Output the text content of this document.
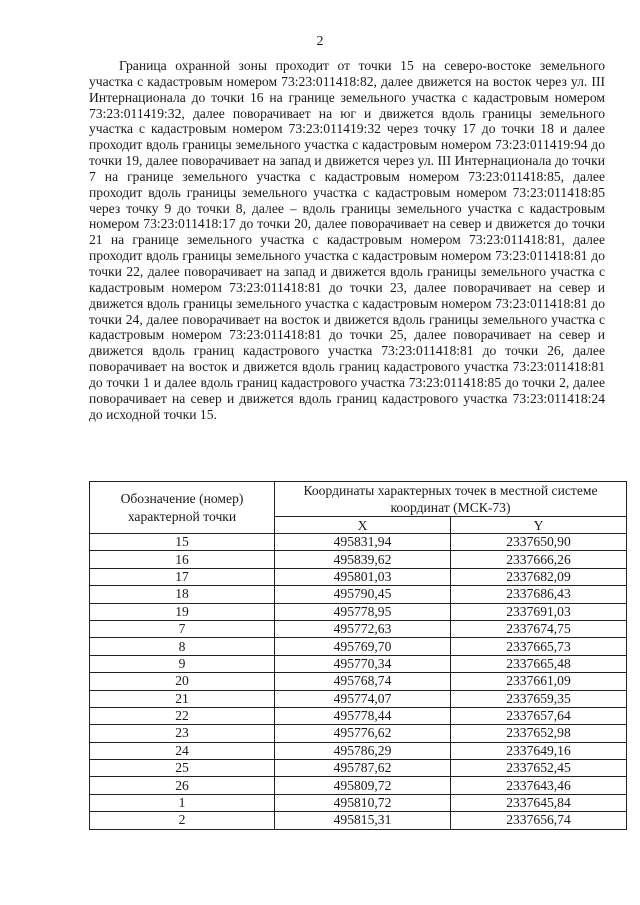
2

Граница охранной зоны проходит от точки 15 на северо-востоке земельного участка с кадастровым номером 73:23:011418:82, далее движется на восток через ул. III Интернационала до точки 16 на границе земельного участка с кадастровым номером 73:23:011419:32, далее поворачивает на юг и движется вдоль границы земельного участка с кадастровым номером 73:23:011419:32 через точку 17 до точки 18 и далее проходит вдоль границы земельного участка с кадастровым номером 73:23:011419:94 до точки 19, далее поворачивает на запад и движется через ул. III Интернационала до точки 7 на границе земельного участка с кадастровым номером 73:23:011418:85, далее проходит вдоль границы земельного участка с кадастровым номером 73:23:011418:85 через точку 9 до точки 8, далее – вдоль границы земельного участка с кадастровым номером 73:23:011418:17 до точки 20, далее поворачивает на север и движется до точки 21 на границе земельного участка с кадастровым номером 73:23:011418:81, далее проходит вдоль границы земельного участка с кадастровым номером 73:23:011418:81 до точки 22, далее поворачивает на запад и движется вдоль границы земельного участка с кадастровым номером 73:23:011418:81 до точки 23, далее поворачивает на север и движется вдоль границы земельного участка с кадастровым номером 73:23:011418:81 до точки 24, далее поворачивает на восток и движется вдоль границы земельного участка с кадастровым номером 73:23:011418:81 до точки 25, далее поворачивает на север и движется вдоль границ кадастрового участка 73:23:011418:81 до точки 26, далее поворачивает на восток и движется вдоль границ кадастрового участка 73:23:011418:81 до точки 1 и далее вдоль границ кадастрового участка 73:23:011418:85 до точки 2, далее поворачивает на север и движется вдоль границ кадастрового участка 73:23:011418:24 до исходной точки 15.

Обозначение (номер) характерной точки	Координаты характерных точек в местной системе координат (МСК-73)	
	X	Y
15	495831,94	2337650,90
16	495839,62	2337666,26
17	495801,03	2337682,09
18	495790,45	2337686,43
19	495778,95	2337691,03
7	495772,63	2337674,75
8	495769,70	2337665,73
9	495770,34	2337665,48
20	495768,74	2337661,09
21	495774,07	2337659,35
22	495778,44	2337657,64
23	495776,62	2337652,98
24	495786,29	2337649,16
25	495787,62	2337652,45
26	495809,72	2337643,46
1	495810,72	2337645,84
2	495815,31	2337656,74
